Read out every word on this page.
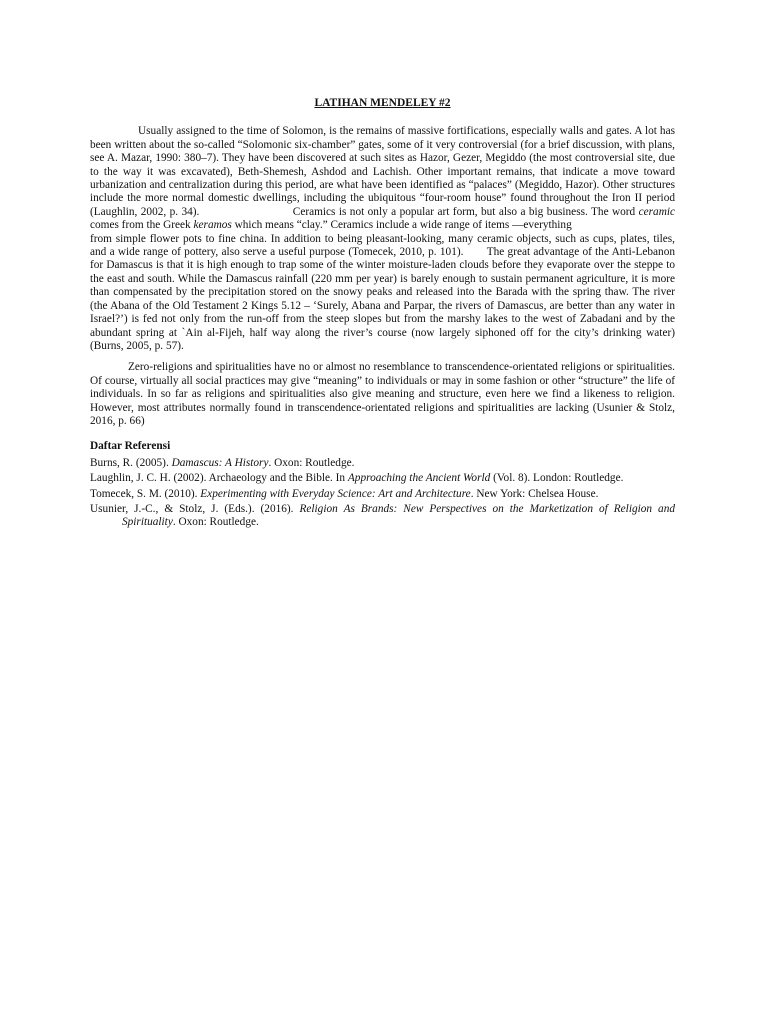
LATIHAN MENDELEY #2

Usually assigned to the time of Solomon, is the remains of massive fortifications, especially walls and gates. A lot has been written about the so-called “Solomonic six-chamber” gates, some of it very controversial (for a brief discussion, with plans, see A. Mazar, 1990: 380–7). They have been discovered at such sites as Hazor, Gezer, Megiddo (the most controversial site, due to the way it was excavated), Beth-Shemesh, Ashdod and Lachish. Other important remains, that indicate a move toward urbanization and centralization during this period, are what have been identified as “palaces” (Megiddo, Hazor). Other structures include the more normal domestic dwellings, including the ubiquitous “four-room house” found throughout the Iron II period (Laughlin, 2002, p. 34).	Ceramics is not only a popular art form, but also a big business. The word ceramic comes from the Greek keramos which means “clay.” Ceramics include a wide range of items —everything
from simple flower pots to fine china. In addition to being pleasant-looking, many ceramic objects, such as cups, plates, tiles, and a wide range of pottery, also serve a useful purpose (Tomecek, 2010, p. 101). The great advantage of the Anti-Lebanon for Damascus is that it is high enough to trap some of the winter moisture-laden clouds before they evaporate over the steppe to the east and south. While the Damascus rainfall (220 mm per year) is barely enough to sustain permanent agriculture, it is more than compensated by the precipitation stored on the snowy peaks and released into the Barada with the spring thaw. The river (the Abana of the Old Testament 2 Kings 5.12 – ‘Surely, Abana and Parpar, the rivers of Damascus, are better than any water in Israel?’) is fed not only from the run-off from the steep slopes but from the marshy lakes to the west of Zabadani and by the abundant spring at `Ain al-Fijeh, half way along the river’s course (now largely siphoned off for the city’s drinking water) (Burns, 2005, p. 57).

Zero-religions and spiritualities have no or almost no resemblance to transcendence-orientated religions or spiritualities. Of course, virtually all social practices may give “meaning” to individuals or may in some fashion or other “structure” the life of individuals. In so far as religions and spiritualities also give meaning and structure, even here we find a likeness to religion. However, most attributes normally found in transcendence-orientated religions and spiritualities are lacking (Usunier & Stolz, 2016, p. 66)

Daftar Referensi
Burns, R. (2005). Damascus: A History. Oxon: Routledge.
Laughlin, J. C. H. (2002). Archaeology and the Bible. In Approaching the Ancient World (Vol. 8). London: Routledge.
Tomecek, S. M. (2010). Experimenting with Everyday Science: Art and Architecture. New York: Chelsea House.
Usunier, J.-C., & Stolz, J. (Eds.). (2016). Religion As Brands: New Perspectives on the Marketization of Religion and Spirituality. Oxon: Routledge.
